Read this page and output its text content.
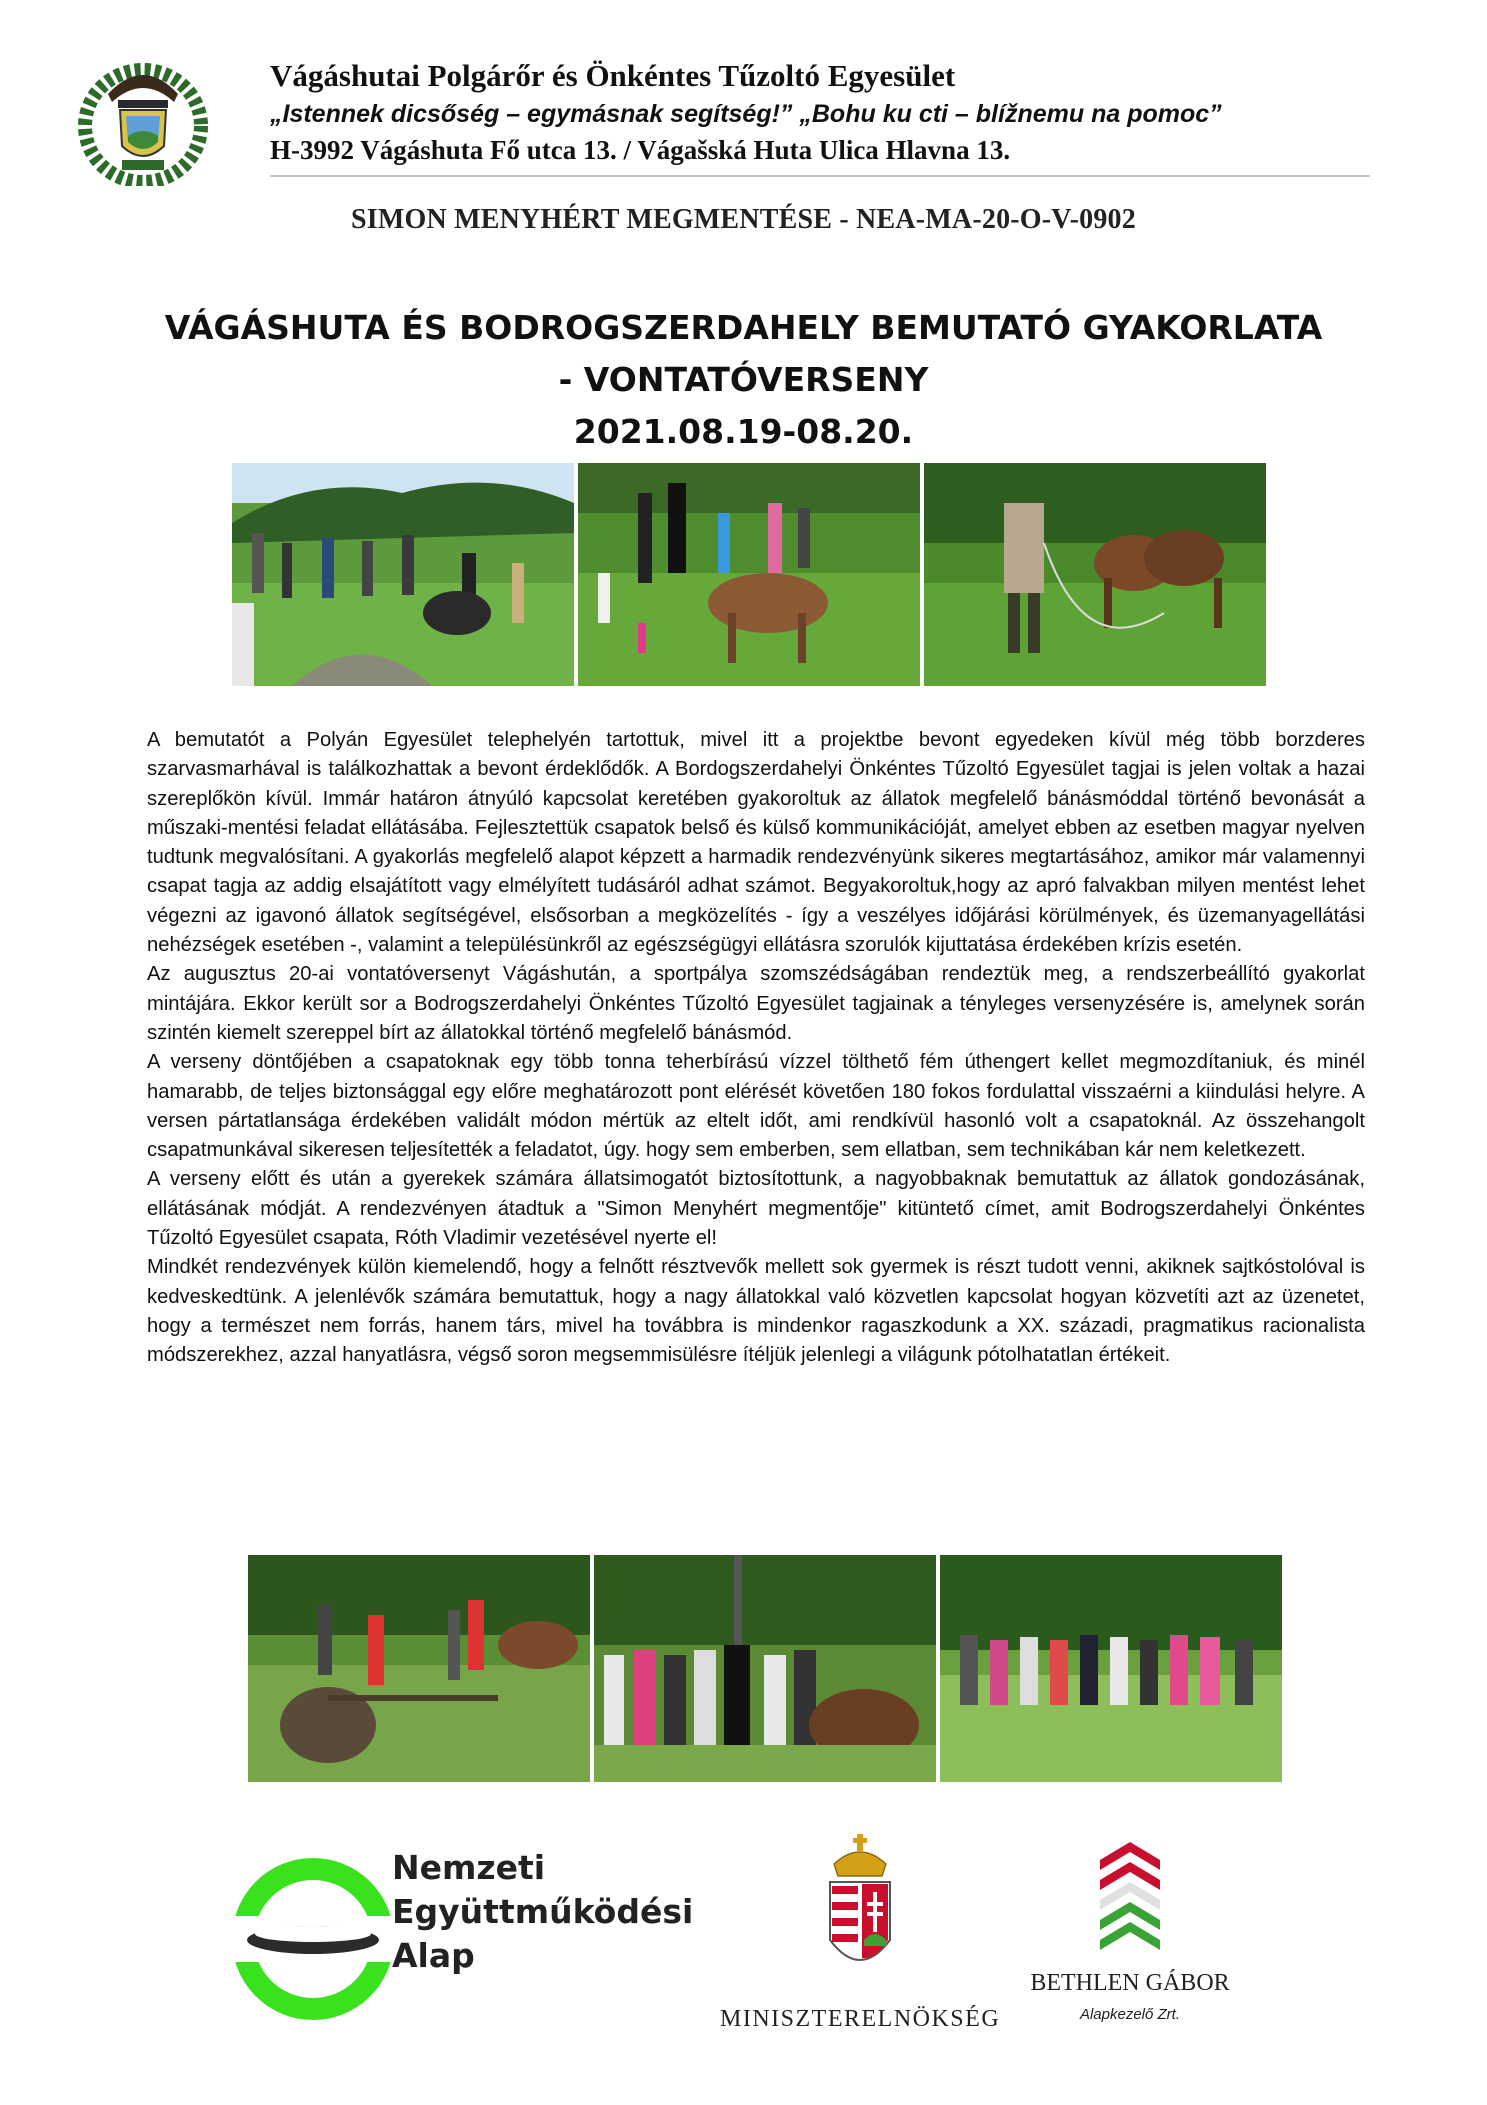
Vágáshutai Polgárőr és Önkéntes Tűzoltó Egyesület
„Istennek dicsőség – egymásnak segítség!” „Bohu ku cti – blížnemu na pomoc”
H-3992 Vágáshuta Fő utca 13. / Vágašská Huta Ulica Hlavna 13.
SIMON MENYHÉRT MEGMENTÉSE - NEA-MA-20-O-V-0902
VÁGÁSHUTA ÉS BODROGSZERDAHELY BEMUTATÓ GYAKORLATA
- VONTATÓVERSENY
2021.08.19-08.20.

A bemutatót a Polyán Egyesület telephelyén tartottuk, mivel itt a projektbe bevont egyedeken kívül még több borzderes szarvasmarhával is találkozhattak a bevont érdeklődők. A Bordogszerdahelyi Önkéntes Tűzoltó Egyesület tagjai is jelen voltak a hazai szereplőkön kívül. Immár határon átnyúló kapcsolat keretében gyakoroltuk az állatok megfelelő bánásmóddal történő bevonását a műszaki-mentési feladat ellátásába. Fejlesztettük csapatok belső és külső kommunikációját, amelyet ebben az esetben magyar nyelven tudtunk megvalósítani. A gyakorlás megfelelő alapot képzett a harmadik rendezvényünk sikeres megtartásához, amikor már valamennyi csapat tagja az addig elsajátított vagy elmélyített tudásáról adhat számot. Begyakoroltuk,hogy az apró falvakban milyen mentést lehet végezni az igavonó állatok segítségével, elsősorban a megközelítés - így a veszélyes időjárási körülmények, és üzemanyagellátási nehézségek esetében -, valamint a településünkről az egészségügyi ellátásra szorulók kijuttatása érdekében krízis esetén.

Az augusztus 20-ai vontatóversenyt Vágáshután, a sportpálya szomszédságában rendeztük meg, a rendszerbeállító gyakorlat mintájára. Ekkor került sor a Bodrogszerdahelyi Önkéntes Tűzoltó Egyesület tagjainak a tényleges versenyzésére is, amelynek során szintén kiemelt szereppel bírt az állatokkal történő megfelelő bánásmód.

A verseny döntőjében a csapatoknak egy több tonna teherbírású vízzel tölthető fém úthengert kellet megmozdítaniuk, és minél hamarabb, de teljes biztonsággal egy előre meghatározott pont elérését követően 180 fokos fordulattal visszaérni a kiindulási helyre. A versen pártatlansága érdekében validált módon mértük az eltelt időt, ami rendkívül hasonló volt a csapatoknál. Az összehangolt csapatmunkával sikeresen teljesítették a feladatot, úgy. hogy sem emberben, sem ellatban, sem technikában kár nem keletkezett.

A verseny előtt és után a gyerekek számára állatsimogatót biztosítottunk, a nagyobbaknak bemutattuk az állatok gondozásának, ellátásának módját. A rendezvényen átadtuk a "Simon Menyhért megmentője" kitüntető címet, amit Bodrogszerdahelyi Önkéntes Tűzoltó Egyesület csapata, Róth Vladimir vezetésével nyerte el!

Mindkét rendezvények külön kiemelendő, hogy a felnőtt résztvevők mellett sok gyermek is részt tudott venni, akiknek sajtkóstolóval is kedveskedtünk. A jelenlévők számára bemutattuk, hogy a nagy állatokkal való közvetlen kapcsolat hogyan közvetíti azt az üzenetet, hogy a természet nem forrás, hanem társ, mivel ha továbbra is mindenkor ragaszkodunk a XX. századi, pragmatikus racionalista módszerekhez, azzal hanyatlásra, végső soron megsemmisülésre ítéljük jelenlegi a világunk pótolhatatlan értékeit.

Nemzeti
Együttműködési
Alap
MINISZTERELNÖKSÉG
BETHLEN GÁBOR
Alapkezelő Zrt.
